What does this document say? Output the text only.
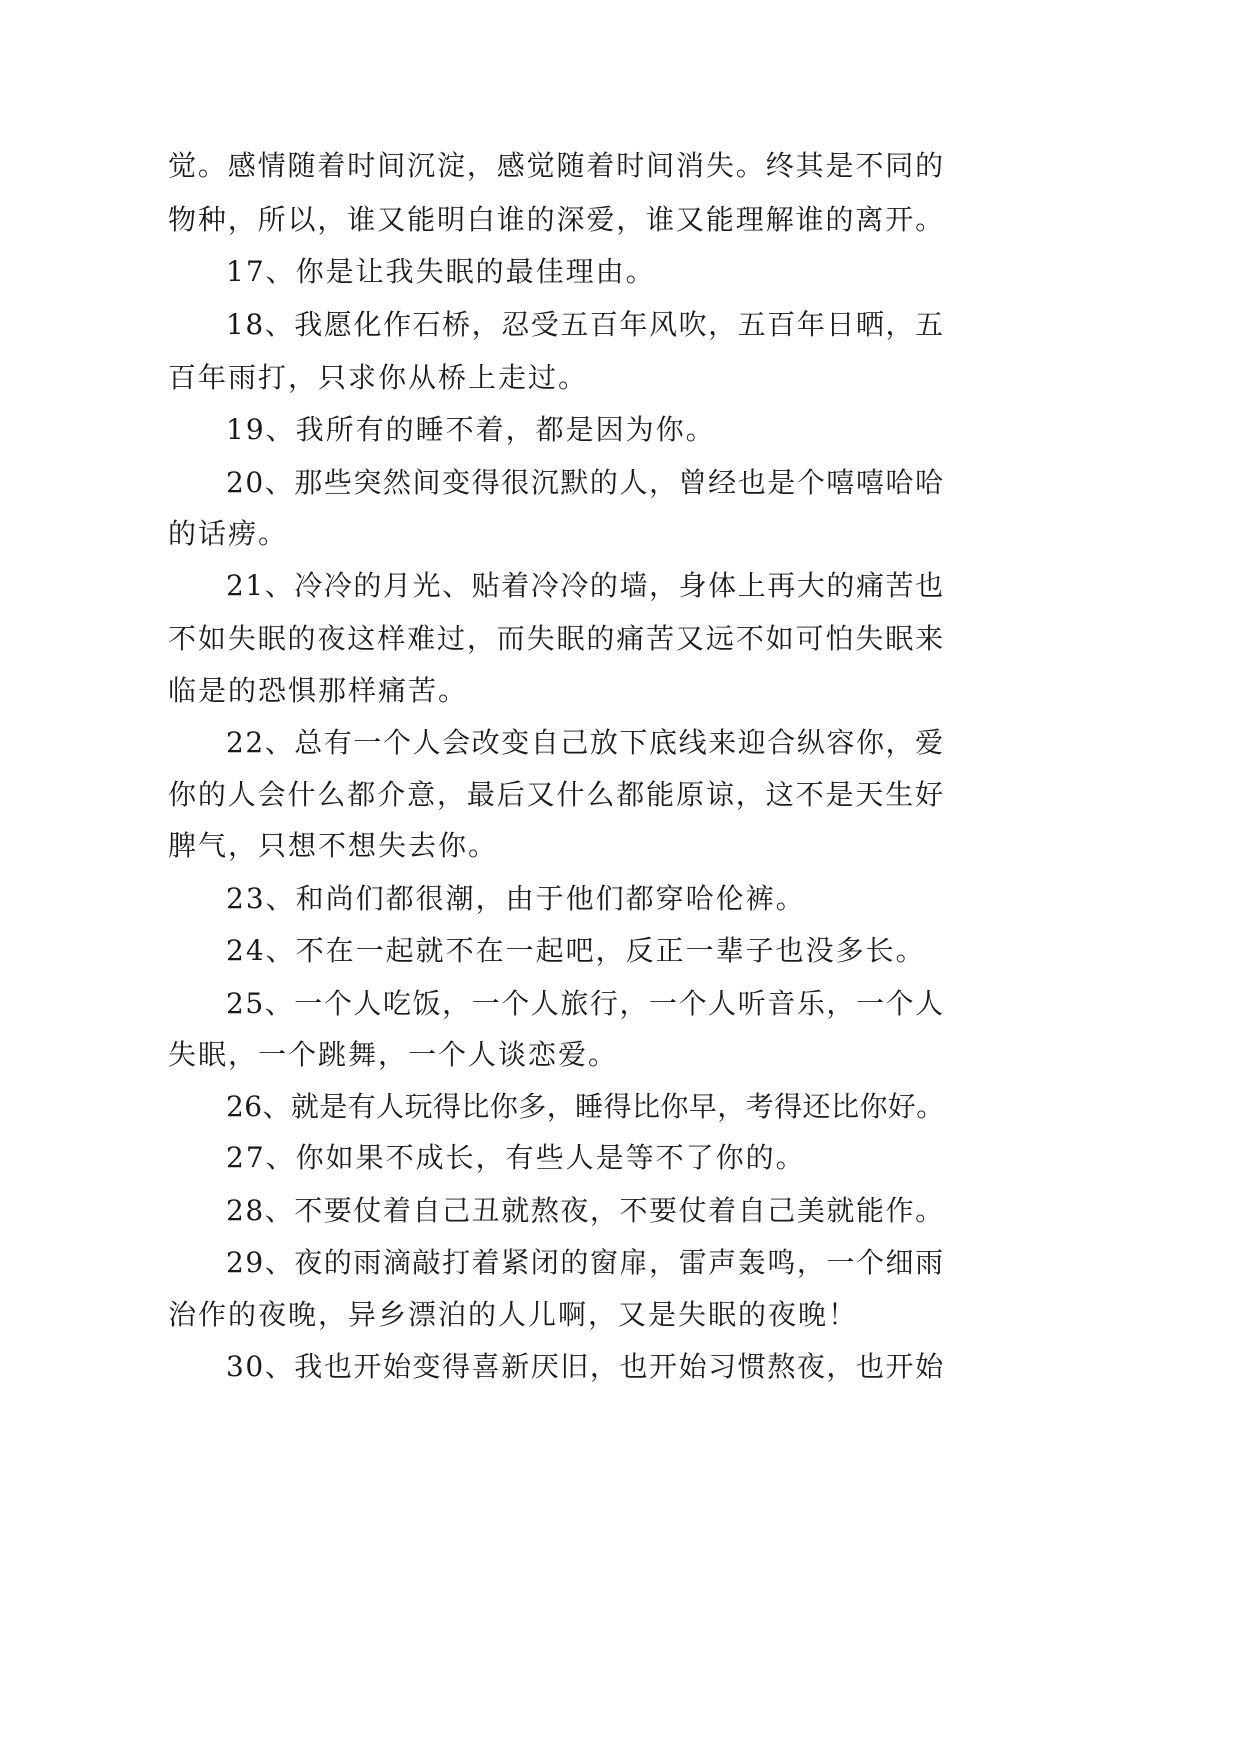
觉。感情随着时间沉淀，感觉随着时间消失。终其是不同的
物种，所以，谁又能明白谁的深爱，谁又能理解谁的离开。
17、你是让我失眠的最佳理由。
18、我愿化作石桥，忍受五百年风吹，五百年日晒，五
百年雨打，只求你从桥上走过。
19、我所有的睡不着，都是因为你。
20、那些突然间变得很沉默的人，曾经也是个嘻嘻哈哈
的话痨。
21、冷冷的月光、贴着冷冷的墙，身体上再大的痛苦也
不如失眠的夜这样难过，而失眠的痛苦又远不如可怕失眠来
临是的恐惧那样痛苦。
22、总有一个人会改变自己放下底线来迎合纵容你，爱
你的人会什么都介意，最后又什么都能原谅，这不是天生好
脾气，只想不想失去你。
23、和尚们都很潮，由于他们都穿哈伦裤。
24、不在一起就不在一起吧，反正一辈子也没多长。
25、一个人吃饭，一个人旅行，一个人听音乐，一个人
失眠，一个跳舞，一个人谈恋爱。
26、就是有人玩得比你多，睡得比你早，考得还比你好。
27、你如果不成长，有些人是等不了你的。
28、不要仗着自己丑就熬夜，不要仗着自己美就能作。
29、夜的雨滴敲打着紧闭的窗扉，雷声轰鸣，一个细雨
治作的夜晚，异乡漂泊的人儿啊，又是失眠的夜晚！
30、我也开始变得喜新厌旧，也开始习惯熬夜，也开始
